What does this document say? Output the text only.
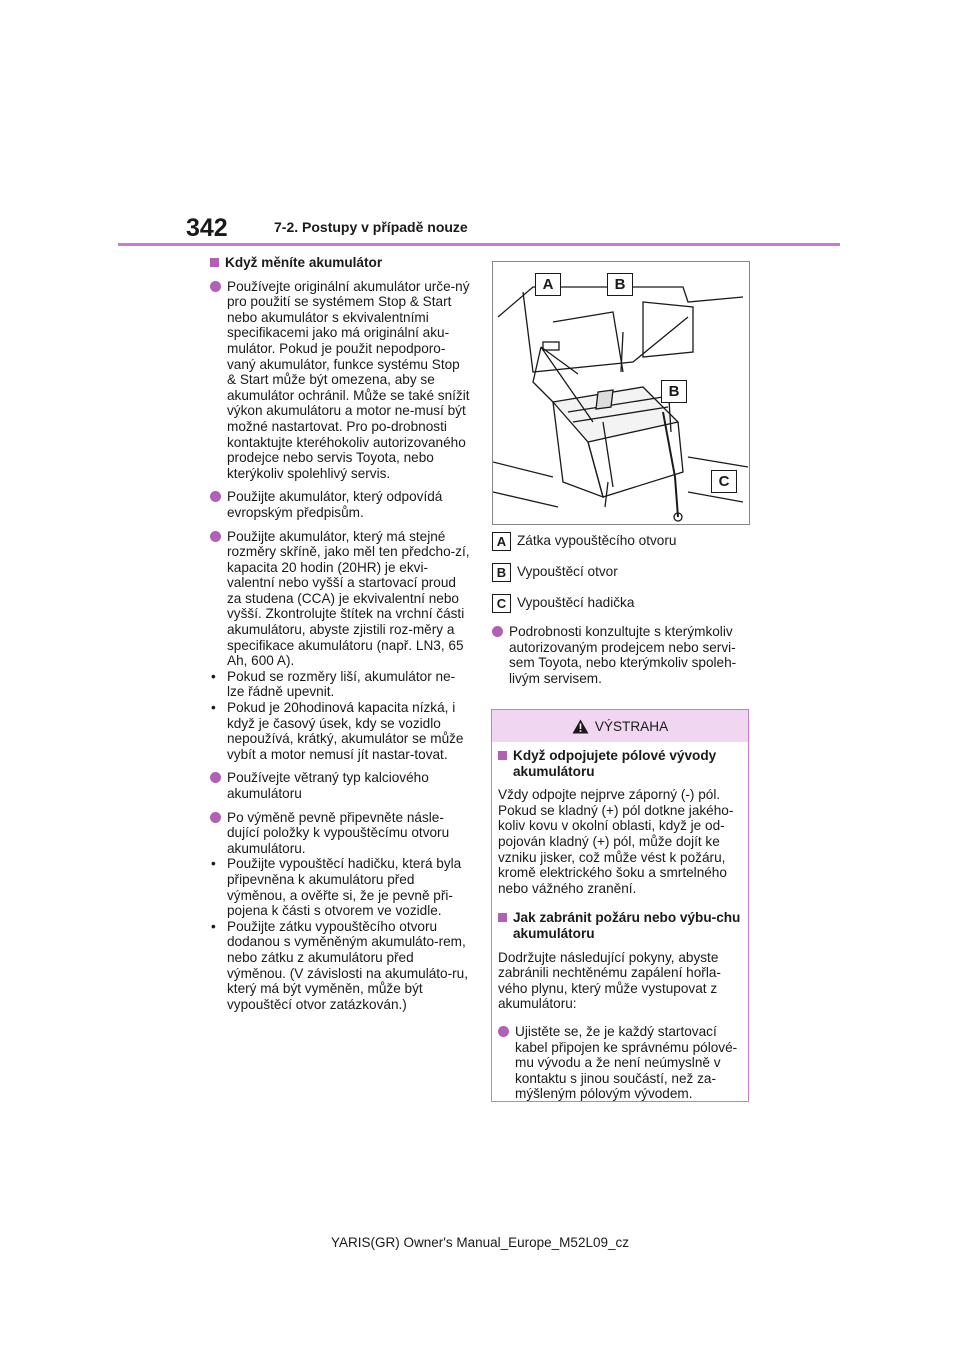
342	7-2. Postupy v případě nouze
Když měníte akumulátor
Používejte originální akumulátor urče-ný pro použití se systémem Stop & Start nebo akumulátor s ekvivalentními specifikacemi jako má originální aku-mulátor. Pokud je použit nepodporo-vaný akumulátor, funkce systému Stop & Start může být omezena, aby se akumulátor ochránil. Může se také snížit výkon akumulátoru a motor ne-musí být možné nastartovat. Pro po-drobnosti kontaktujte kteréhokoliv autorizovaného prodejce nebo servis Toyota, nebo kterýkoliv spolehlivý servis.
Použijte akumulátor, který odpovídá evropským předpisům.
Použijte akumulátor, který má stejné rozměry skříně, jako měl ten předcho-zí, kapacita 20 hodin (20HR) je ekvi-valentní nebo vyšší a startovací proud za studena (CCA) je ekvivalentní nebo vyšší. Zkontrolujte štítek na vrchní části akumulátoru, abyste zjistili roz-měry a specifikace akumulátoru (např. LN3, 65 Ah, 600 A).
• Pokud se rozměry liší, akumulátor ne-lze řádně upevnit.
• Pokud je 20hodinová kapacita nízká, i když je časový úsek, kdy se vozidlo nepoužívá, krátký, akumulátor se může vybít a motor nemusí jít nastar-tovat.
Používejte větraný typ kalciového akumulátoru
Po výměně pevně připevněte násle-dující položky k vypouštěcímu otvoru akumulátoru.
• Použijte vypouštěcí hadičku, která byla připevněna k akumulátoru před výměnou, a ověřte si, že je pevně při-pojena k části s otvorem ve vozidle.
• Použijte zátku vypouštěcího otvoru dodanou s vyměněným akumuláto-rem, nebo zátku z akumulátoru před výměnou. (V závislosti na akumuláto-ru, který má být vyměněn, může být vypouštěcí otvor zatázkován.)
A	B
B
C
A Zátka vypouštěcího otvoru
B Vypouštěcí otvor
C Vypouštěcí hadička
Podrobnosti konzultujte s kterýmkoliv autorizovaným prodejcem nebo servi-sem Toyota, nebo kterýmkoliv spoleh-livým servisem.
VÝSTRAHA
Když odpojujete pólové vývody akumulátoru

Vždy odpojte nejprve záporný (-) pól. Pokud se kladný (+) pól dotkne jakého-koliv kovu v okolní oblasti, když je od-pojován kladný (+) pól, může dojít ke vzniku jisker, což může vést k požáru, kromě elektrického šoku a smrtelného nebo vážného zranění.

Jak zabránit požáru nebo výbu-chu akumulátoru

Dodržujte následující pokyny, abyste zabránili nechtěnému zapálení hořla-vého plynu, který může vystupovat z akumulátoru:

Ujistěte se, že je každý startovací kabel připojen ke správnému pólové-mu vývodu a že není neúmyslně v kontaktu s jinou součástí, než za-mýšleným pólovým vývodem.
YARIS(GR) Owner's Manual_Europe_M52L09_cz
